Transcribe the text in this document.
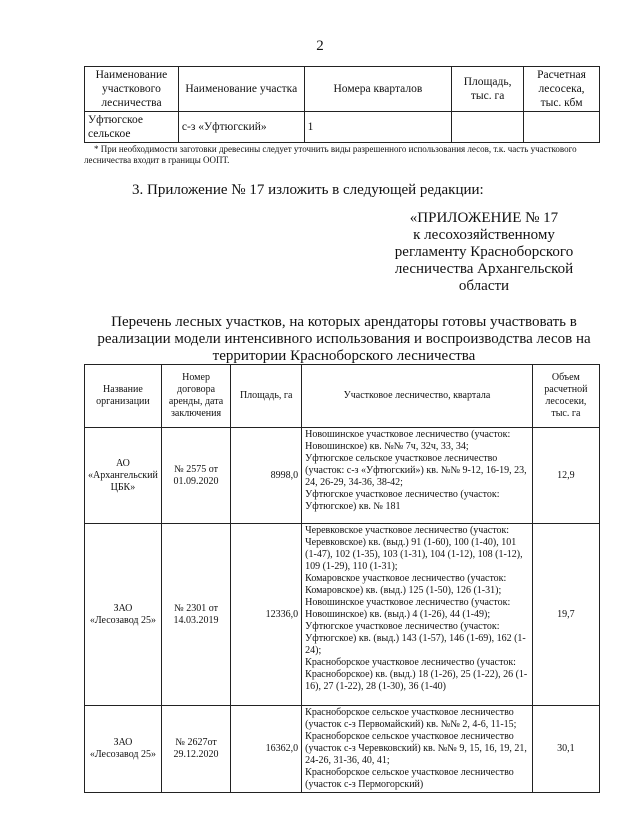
2
Наименование участкового лесничества	Наименование участка	Номера кварталов	Площадь, тыс. га	Расчетная лесосека, тыс. кбм
Уфтюгское сельское	с-з «Уфтюгский»	1		
* При необходимости заготовки древесины следует уточнить виды разрешенного использования лесов, т.к. часть участкового лесничества входит в границы ООПТ.
3. Приложение № 17 изложить в следующей редакции:
«ПРИЛОЖЕНИЕ № 17
к лесохозяйственному
регламенту Красноборского
лесничества Архангельской
области
Перечень лесных участков, на которых арендаторы готовы участвовать в
реализации модели интенсивного использования и воспроизводства лесов на
территории Красноборского лесничества
Название организации	Номер договора аренды, дата заключения	Площадь, га	Участковое лесничество, квартала	Объем расчетной лесосеки, тыс. га
АО «Архангельский ЦБК»	№ 2575 от 01.09.2020	8998,0	Новошинское участковое лесничество (участок: Новошинское) кв. №№ 7ч, 32ч, 33, 34;
Уфтюгское сельское участковое лесничество (участок: с-з «Уфтюгский») кв. №№ 9-12, 16-19, 23, 24, 26-29, 34-36, 38-42;
Уфтюгское участковое лесничество (участок: Уфтюгское) кв. № 181	12,9
ЗАО «Лесозавод 25»	№ 2301 от 14.03.2019	12336,0	Черевковское участковое лесничество (участок: Черевковское) кв. (выд.) 91 (1-60), 100 (1-40), 101 (1-47), 102 (1-35), 103 (1-31), 104 (1-12), 108 (1-12), 109 (1-29), 110 (1-31);
Комаровское участковое лесничество (участок: Комаровское) кв. (выд.) 125 (1-50), 126 (1-31);
Новошинское участковое лесничество (участок: Новошинское) кв. (выд.) 4 (1-26), 44 (1-49);
Уфтюгское участковое лесничество (участок: Уфтюгское) кв. (выд.) 143 (1-57), 146 (1-69), 162 (1-24);
Красноборское участковое лесничество (участок: Красноборское) кв. (выд.) 18 (1-26), 25 (1-22), 26 (1-16), 27 (1-22), 28 (1-30), 36 (1-40)	19,7
ЗАО «Лесозавод 25»	№ 2627от 29.12.2020	16362,0	Красноборское сельское участковое лесничество (участок с-з Первомайский) кв. №№ 2, 4-6, 11-15;
Красноборское сельское участковое лесничество (участок с-з Черевковский) кв. №№ 9, 15, 16, 19, 21, 24-26, 31-36, 40, 41;
Красноборское сельское участковое лесничество (участок с-з Пермогорский)	30,1
